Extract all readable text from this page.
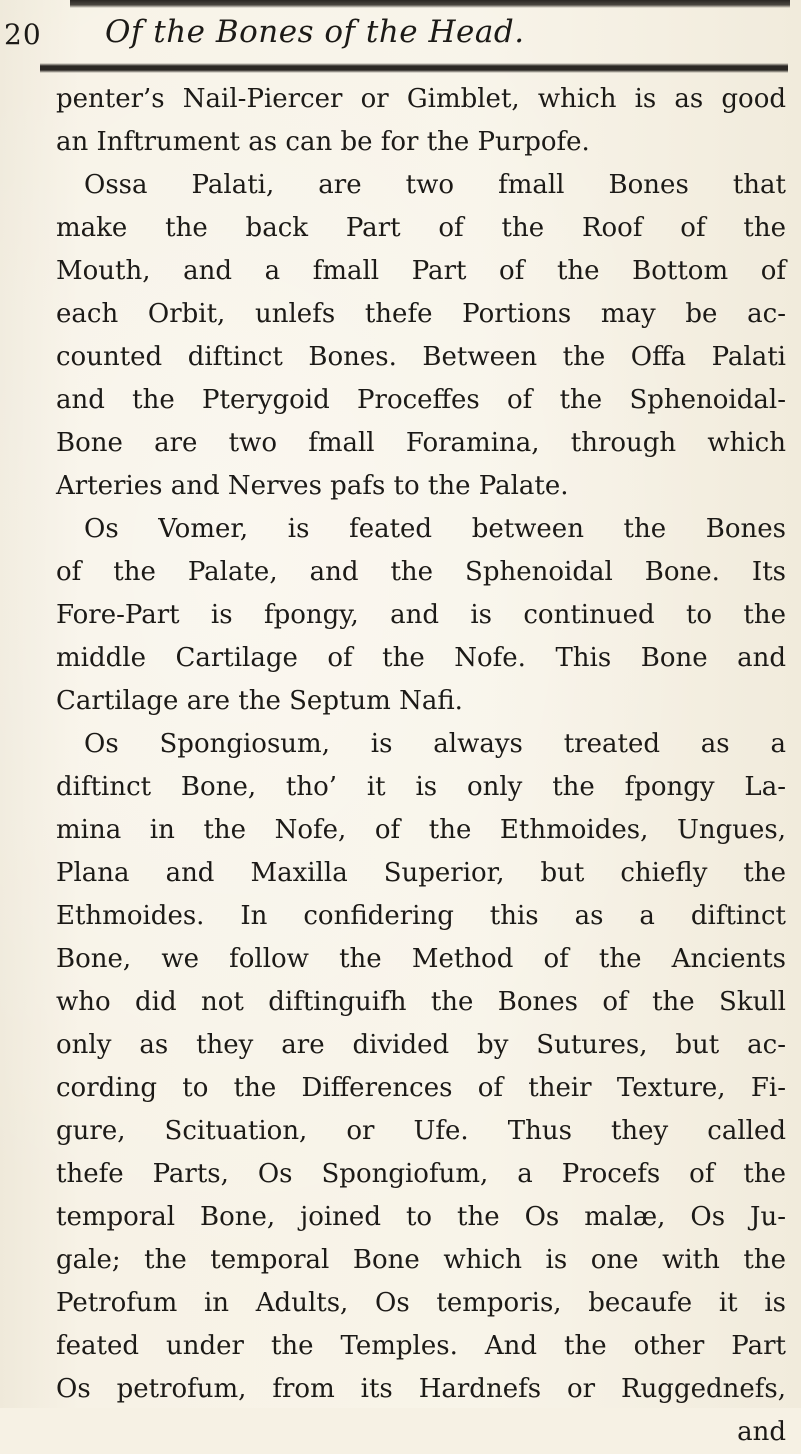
20 Of the Bones of the Head.
penter’s Nail-Piercer or Gimblet, which is as good
an Inftrument as can be for the Purpofe.
Ossa Palati, are two fmall Bones that
make the back Part of the Roof of the
Mouth, and a fmall Part of the Bottom of
each Orbit, unlefs thefe Portions may be ac-
counted diftinct Bones. Between the Offa Palati
and the Pterygoid Proceffes of the Sphenoidal-
Bone are two fmall Foramina, through which
Arteries and Nerves pafs to the Palate.
Os Vomer, is feated between the Bones
of the Palate, and the Sphenoidal Bone. Its
Fore-Part is fpongy, and is continued to the
middle Cartilage of the Nofe. This Bone and
Cartilage are the Septum Nafi.
Os Spongiosum, is always treated as a
diftinct Bone, tho’ it is only the fpongy La-
mina in the Nofe, of the Ethmoides, Ungues,
Plana and Maxilla Superior, but chiefly the
Ethmoides. In confidering this as a diftinct
Bone, we follow the Method of the Ancients
who did not diftinguifh the Bones of the Skull
only as they are divided by Sutures, but ac-
cording to the Differences of their Texture, Fi-
gure, Scituation, or Ufe. Thus they called
thefe Parts, Os Spongiofum, a Procefs of the
temporal Bone, joined to the Os malæ, Os Ju-
gale; the temporal Bone which is one with the
Petrofum in Adults, Os temporis, becaufe it is
feated under the Temples. And the other Part
Os petrofum, from its Hardnefs or Ruggednefs,
and
